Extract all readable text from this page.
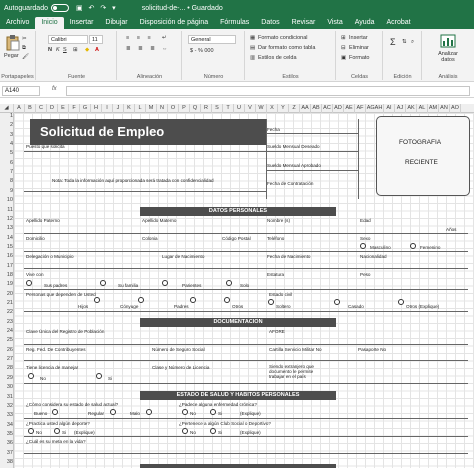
Autoguardado	▣ ↶ ↷ ▾	solicitud-de-... • Guardado
Archivo	Inicio	Insertar	Dibujar	Disposición de página	Fórmulas	Datos	Revisar	Vista	Ayuda	Acrobat
Pegar
✂
⧉
🖌
Portapapeles
Calibri	11
N K S ⊞ ◆ A
Fuente
≡ ≡ ≡
≣ ≣ ≣
↵
⇔
Alineación
General
$ - % 000
Número
▦ Formato condicional
▤ Dar formato como tabla
▥ Estilos de celda
Estilos
⊞ Insertar
⊟ Eliminar
▣ Formato
Celdas
Σ ⇅ ⌕
Edición
Analizar datos
Análisis
A140	fx
◢	A	B	C	D	E	F	G	H	I	J	K	L	M	N	O	P	Q	R	S	T	U	V	W	X	Y	Z	AA AB AC AD AE AF AGAH AI AJ AK AL AM AN AO
1
2
3
4
5
6
7
8
9
10
11
12
13
14
15
16
17
18
19
20
21
22
23
24
25
26
27
28
29
30
31
32
33
34
35
36
37
38
Solicitud de Empleo	Fecha
Puesto que solicita	Sueldo Mensual Deseado
Sueldo Mensual Aprobado
Nota: Toda la información aquí proporcionada será tratada con confidencialidad
Fecha de Contratación
FOTOGRAFIA
RECIENTE
DATOS PERSONALES
Apellido Paterno	Apellido Materno	Nombre (s)	Edad
Años
Domicilio	Colonia	Código Postal	Teléfono	Sexo
Masculino	Femenino
Delegación o Municipio	Lugar de Nacimiento	Fecha de Nacimiento	Nacionalidad
Vive con	Estatura
Sus padres	Su familia	Parientes	Solo
Peso
Personas que dependen de Usted	Estado civil
Hijos	Cónyuge	Padres	Otros	Soltero	Casado	Otros (Explique)
DOCUMENTACION
Clave Única del Registro de Población	AFORE
Reg. Fed. De Contribuyentes	Número de Seguro Social	Cartilla Servicio Militar No	Pasaporte No
Tiene licencia de manejar	Clase y Número de Licencia	Siendo extranjero que
documento le permite
trabajar en el país
No	Si
ESTADO DE SALUD Y HABITOS PERSONALES
¿Cómo considera su estado de salud actual?	¿Padece alguna enfermedad crónica?
Bueno	Regular	Malo	No	Si	(Explique)
¿Practica usted algún deporte?	¿Pertenece a algún Club Social o Deportivo?
No	Si (Explique)	No	Si	(Explique)
¿Cuál es su meta en la vida?
